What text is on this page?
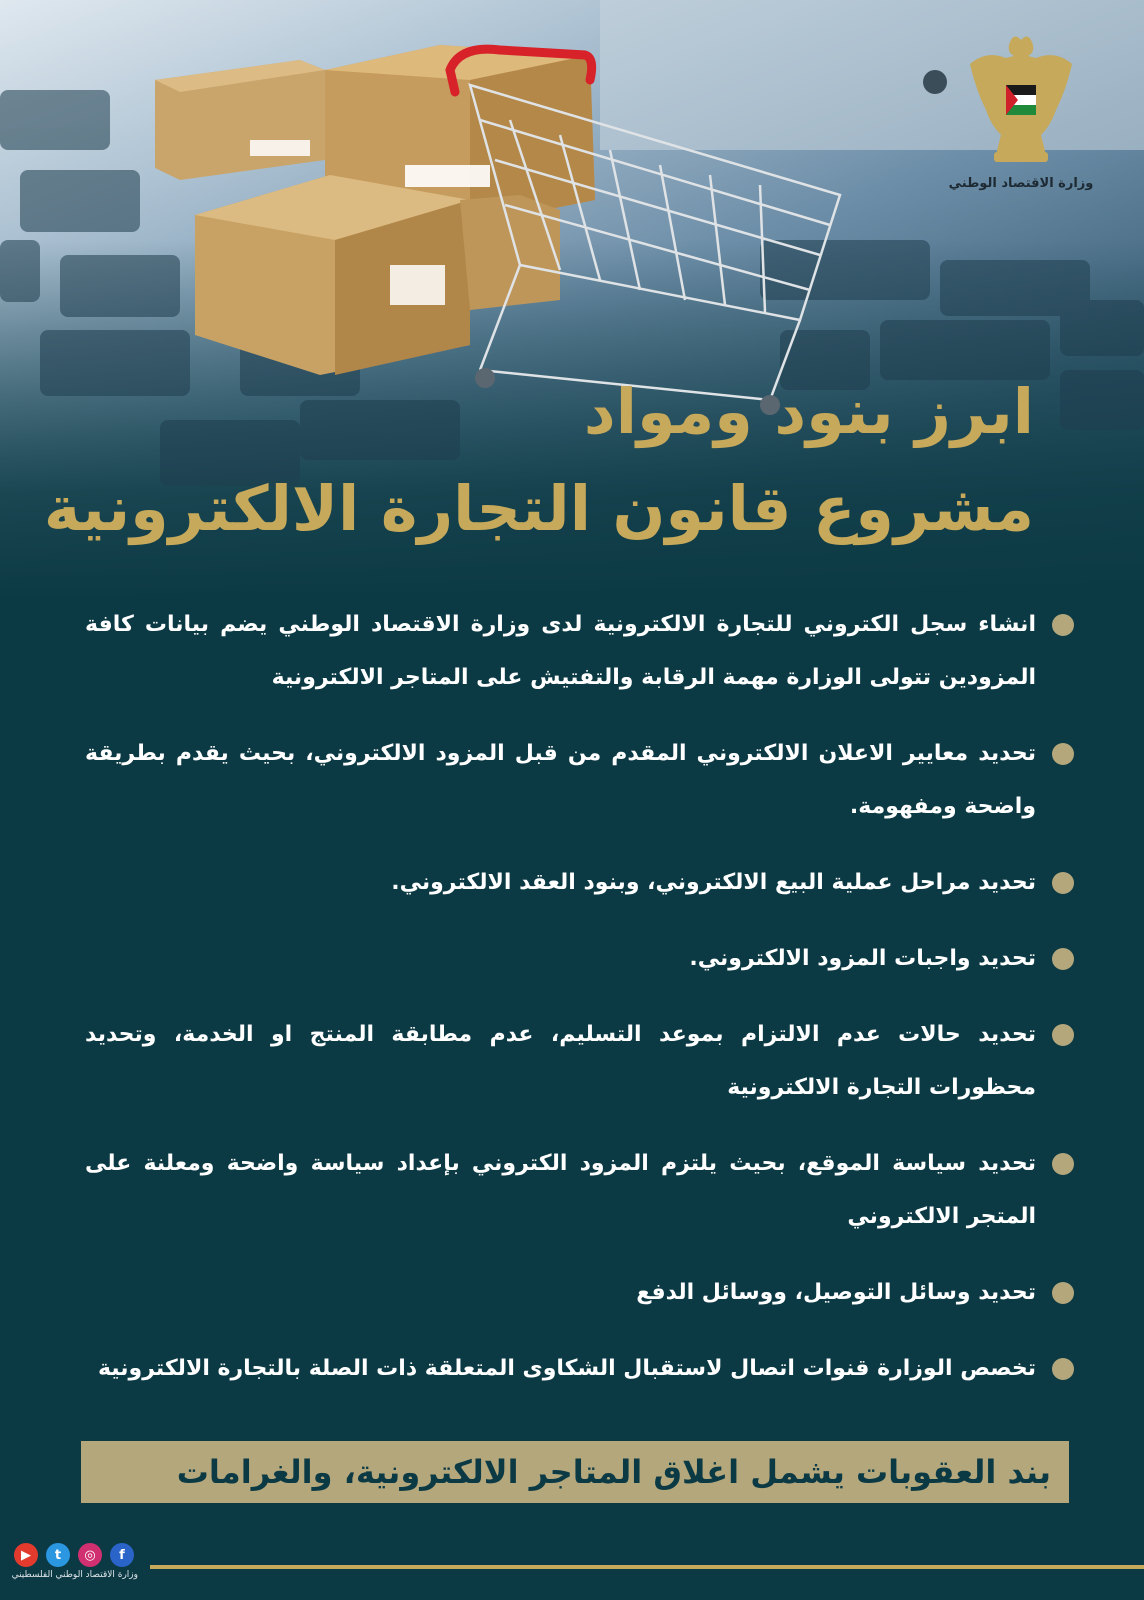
وزارة الاقتصاد الوطني
ابرز بنود ومواد
مشروع قانون التجارة الالكترونية
انشاء سجل الكتروني للتجارة الالكترونية لدى وزارة الاقتصاد الوطني يضم بيانات كافة المزودين تتولى الوزارة مهمة الرقابة والتفتيش على المتاجر الالكترونية
تحديد معايير الاعلان الالكتروني المقدم من قبل المزود الالكتروني، بحيث يقدم بطريقة واضحة ومفهومة.
تحديد مراحل عملية البيع الالكتروني، وبنود العقد الالكتروني.
تحديد واجبات المزود الالكتروني.
تحديد حالات عدم الالتزام بموعد التسليم، عدم مطابقة المنتج او الخدمة، وتحديد محظورات التجارة الالكترونية
تحديد سياسة الموقع، بحيث يلتزم المزود الكتروني بإعداد سياسة واضحة ومعلنة على المتجر الالكتروني
تحديد وسائل التوصيل، ووسائل الدفع
تخصص الوزارة قنوات اتصال لاستقبال الشكاوى المتعلقة ذات الصلة بالتجارة الالكترونية
بند العقوبات يشمل اغلاق المتاجر الالكترونية، والغرامات المالية.
▶	t	◎	f
وزارة الاقتصاد الوطني الفلسطيني
